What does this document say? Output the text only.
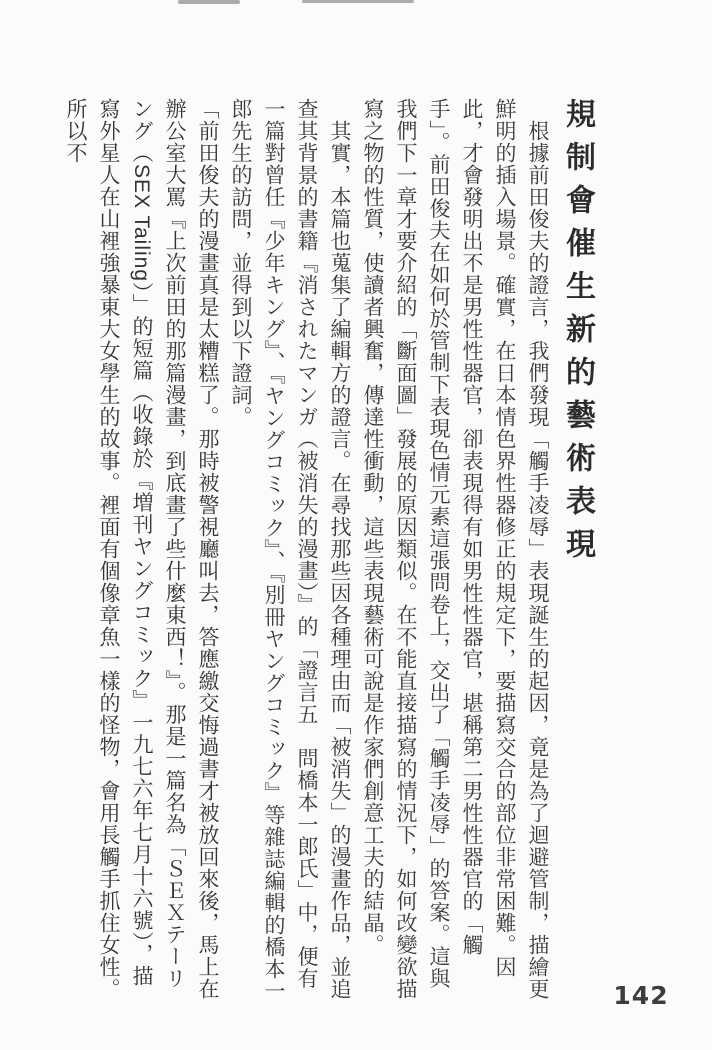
規制會催生新的藝術表現

根據前田俊夫的證言，我們發現「觸手凌辱」表現誕生的起因，竟是為了迴避管制，描繪更鮮明的插入場景。確實，在日本情色界性器修正的規定下，要描寫交合的部位非常困難。因此，才會發明出不是男性性器官，卻表現得有如男性性器官，堪稱第二男性性器官的「觸手」。前田俊夫在如何於管制下表現色情元素這張問卷上，交出了「觸手凌辱」的答案。這與我們下一章才要介紹的「斷面圖」發展的原因類似。在不能直接描寫的情況下，如何改變欲描寫之物的性質，使讀者興奮，傳達性衝動，這些表現藝術可說是作家們創意工夫的結晶。

其實，本篇也蒐集了編輯方的證言。在尋找那些因各種理由而「被消失」的漫畫作品，並追查其背景的書籍『消されたマンガ（被消失的漫畫）』的「證言五　問橋本一郎氏」中，便有一篇對曾任『少年キング』、『ヤングコミック』、『別冊ヤングコミック』等雜誌編輯的橋本一郎先生的訪問，並得到以下證詞。

「前田俊夫的漫畫真是太糟糕了。那時被警視廳叫去，答應繳交悔過書才被放回來後，馬上在辦公室大罵『上次前田的那篇漫畫，到底畫了些什麼東西！』。那是一篇名為「ＳＥＸテーリング（SEX Tailing）」的短篇（收錄於『増刊ヤングコミック』一九七六年七月十六號），描寫外星人在山裡強暴東大女學生的故事。裡面有個像章魚一樣的怪物，會用長觸手抓住女性。所以不

142
